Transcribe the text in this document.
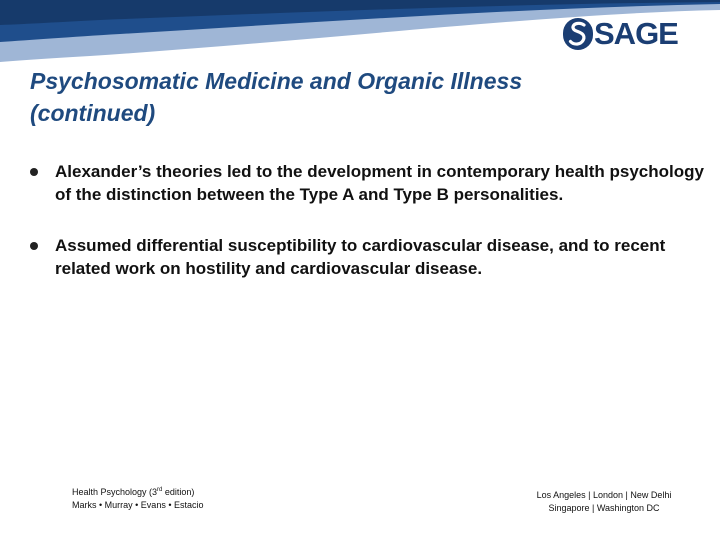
SAGE
Psychosomatic Medicine and Organic Illness
(continued)
Alexander’s theories led to the development in contemporary health psychology of the distinction between the Type A and Type B personalities.
Assumed differential susceptibility to cardiovascular disease, and to recent related work on hostility and cardiovascular disease.
Health Psychology (3rd edition)
Marks • Murray • Evans • Estacio
Los Angeles | London | New Delhi
Singapore | Washington DC
